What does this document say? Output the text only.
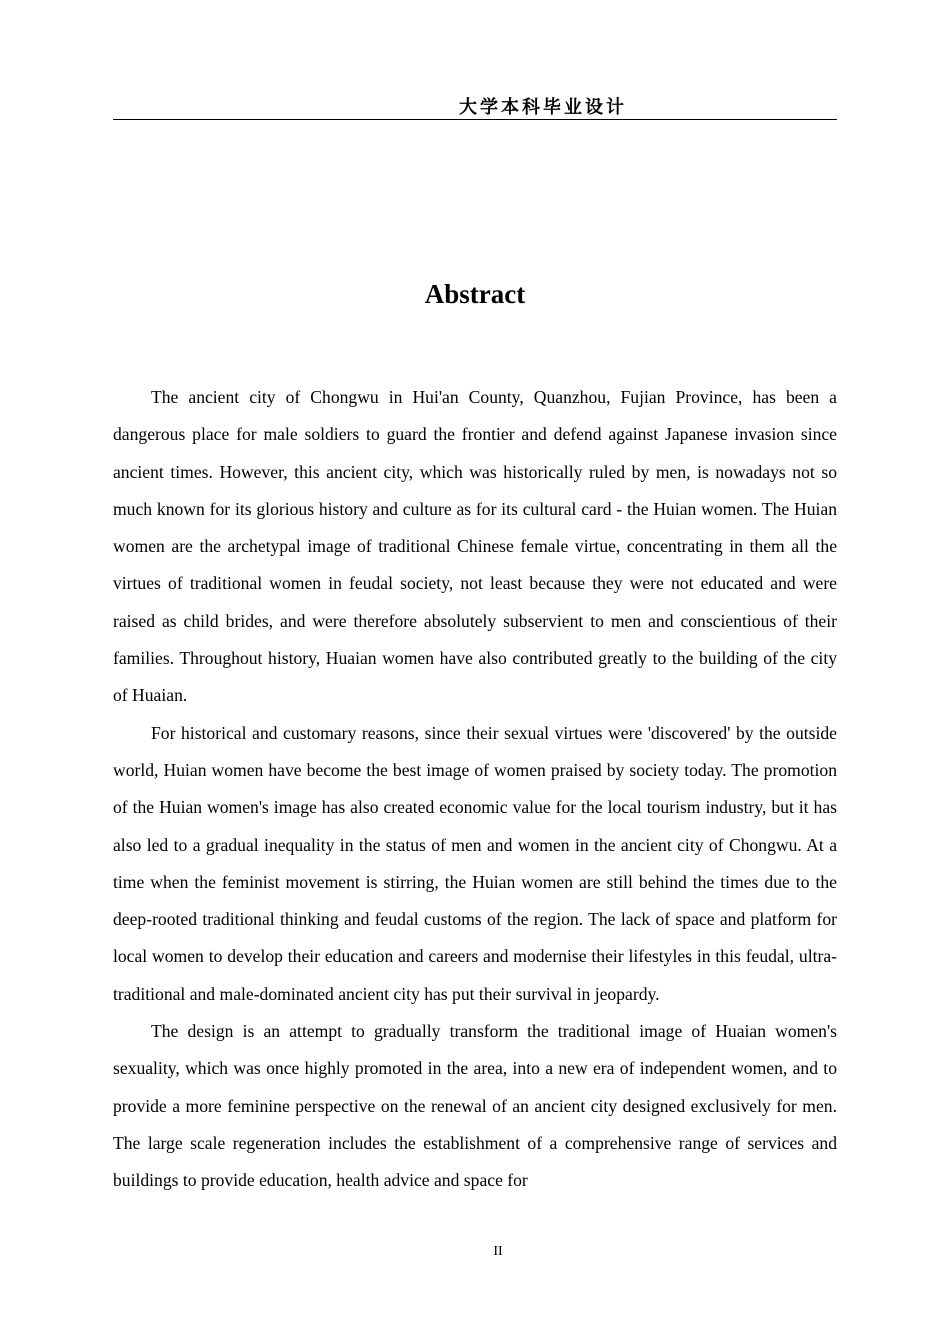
大学本科毕业设计
Abstract

The ancient city of Chongwu in Hui'an County, Quanzhou, Fujian Province, has been a dangerous place for male soldiers to guard the frontier and defend against Japanese invasion since ancient times. However, this ancient city, which was historically ruled by men, is nowadays not so much known for its glorious history and culture as for its cultural card - the Huian women. The Huian women are the archetypal image of traditional Chinese female virtue, concentrating in them all the virtues of traditional women in feudal society, not least because they were not educated and were raised as child brides, and were therefore absolutely subservient to men and conscientious of their families. Throughout history, Huaian women have also contributed greatly to the building of the city of Huaian.

For historical and customary reasons, since their sexual virtues were 'discovered' by the outside world, Huian women have become the best image of women praised by society today. The promotion of the Huian women's image has also created economic value for the local tourism industry, but it has also led to a gradual inequality in the status of men and women in the ancient city of Chongwu. At a time when the feminist movement is stirring, the Huian women are still behind the times due to the deep-rooted traditional thinking and feudal customs of the region. The lack of space and platform for local women to develop their education and careers and modernise their lifestyles in this feudal, ultra-traditional and male-dominated ancient city has put their survival in jeopardy.

The design is an attempt to gradually transform the traditional image of Huaian women's sexuality, which was once highly promoted in the area, into a new era of independent women, and to provide a more feminine perspective on the renewal of an ancient city designed exclusively for men. The large scale regeneration includes the establishment of a comprehensive range of services and buildings to provide education, health advice and space for

II
